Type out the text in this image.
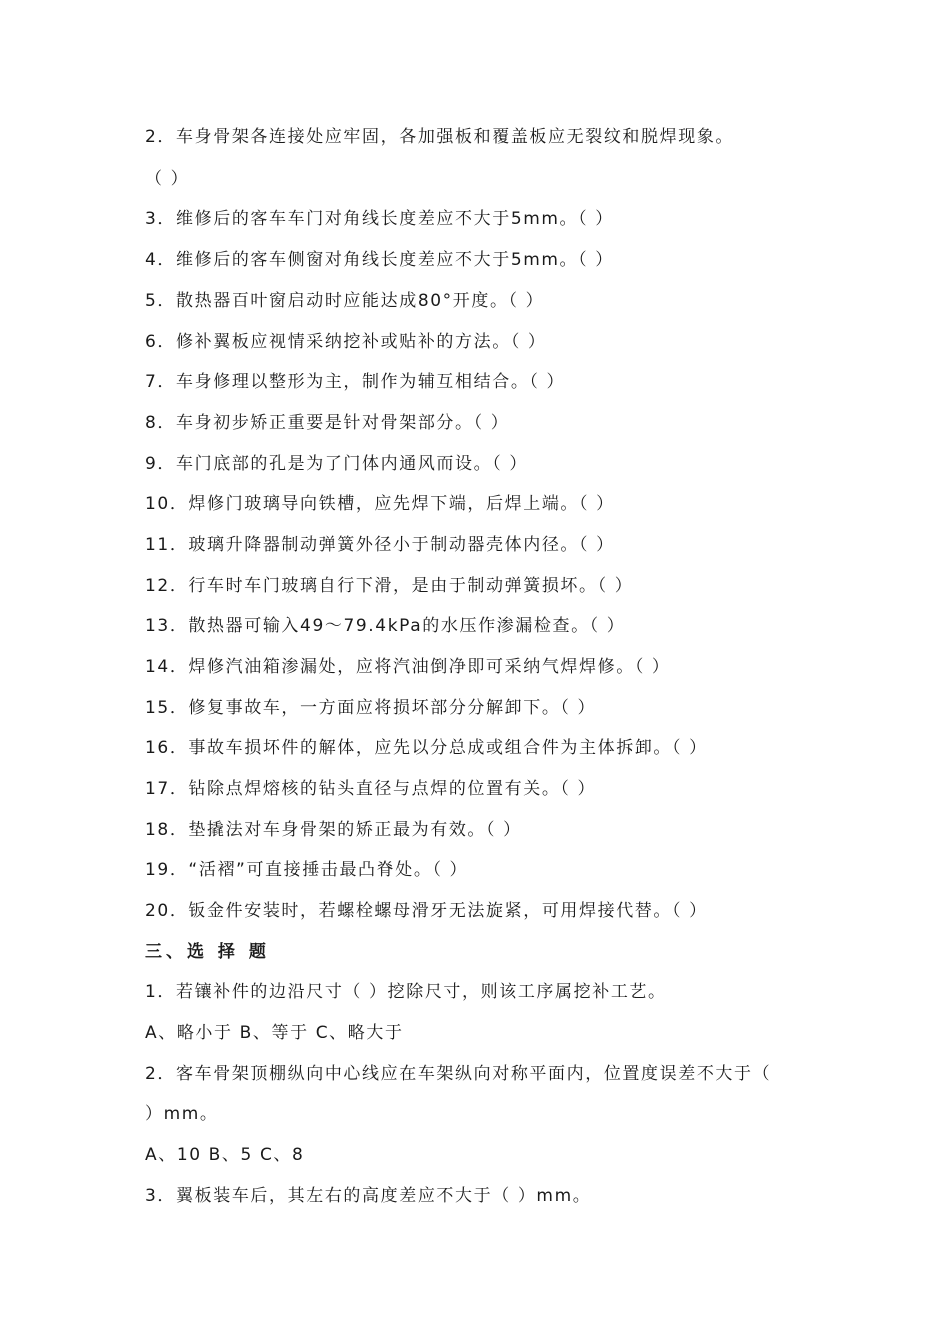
2．车身骨架各连接处应牢固，各加强板和覆盖板应无裂纹和脱焊现象。
（ ）
3．维修后的客车车门对角线长度差应不大于5mm。（ ）
4．维修后的客车侧窗对角线长度差应不大于5mm。（ ）
5．散热器百叶窗启动时应能达成80°开度。（ ）
6．修补翼板应视情采纳挖补或贴补的方法。（ ）
7．车身修理以整形为主，制作为辅互相结合。（ ）
8．车身初步矫正重要是针对骨架部分。（ ）
9．车门底部的孔是为了门体内通风而设。（ ）
10．焊修门玻璃导向铁槽，应先焊下端，后焊上端。（ ）
11．玻璃升降器制动弹簧外径小于制动器壳体内径。（ ）
12．行车时车门玻璃自行下滑，是由于制动弹簧损坏。（ ）
13．散热器可输入49～79.4kPa的水压作渗漏检查。（ ）
14．焊修汽油箱渗漏处，应将汽油倒净即可采纳气焊焊修。（ ）
15．修复事故车，一方面应将损坏部分分解卸下。（ ）
16．事故车损坏件的解体，应先以分总成或组合件为主体拆卸。（ ）
17．钻除点焊熔核的钻头直径与点焊的位置有关。（ ）
18．垫撬法对车身骨架的矫正最为有效。（ ）
19．“活褶”可直接捶击最凸脊处。（ ）
20．钣金件安装时，若螺栓螺母滑牙无法旋紧，可用焊接代替。（ ）
三、选 择 题
1．若镶补件的边沿尺寸（ ）挖除尺寸，则该工序属挖补工艺。
A、略小于 B、等于 C、略大于
2．客车骨架顶棚纵向中心线应在车架纵向对称平面内，位置度误差不大于（
）mm。
A、10 B、5 C、8
3．翼板装车后，其左右的高度差应不大于（ ）mm。
